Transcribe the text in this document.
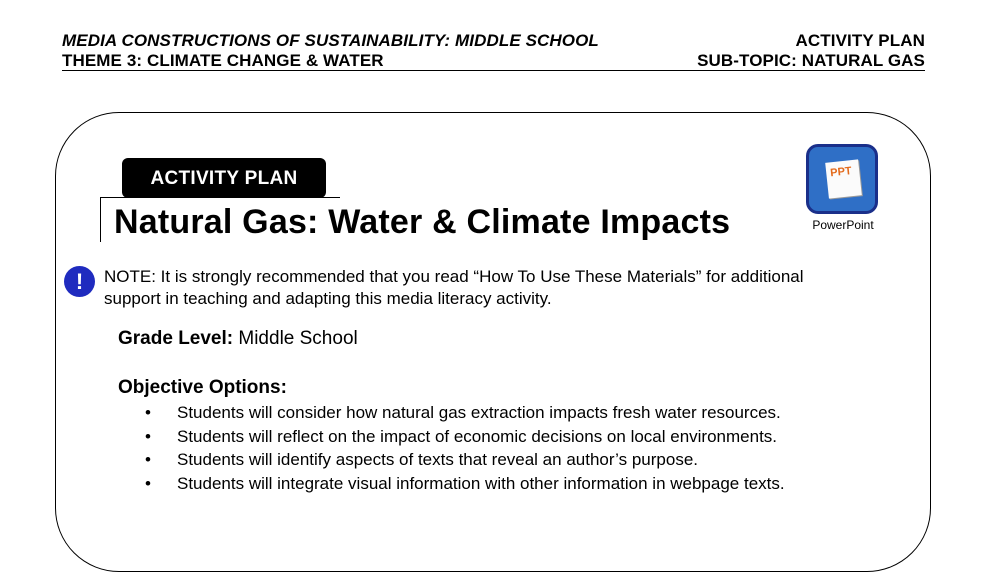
MEDIA CONSTRUCTIONS OF SUSTAINABILITY: MIDDLE SCHOOL
THEME 3: CLIMATE CHANGE & WATER
ACTIVITY PLAN
SUB-TOPIC: NATURAL GAS
ACTIVITY PLAN
Natural Gas: Water & Climate Impacts
PPT
PowerPoint
!	NOTE: It is strongly recommended that you read “How To Use These Materials” for additional support in teaching and adapting this media literacy activity.
Grade Level: Middle School
Objective Options:
• Students will consider how natural gas extraction impacts fresh water resources.
• Students will reflect on the impact of economic decisions on local environments.
• Students will identify aspects of texts that reveal an author’s purpose.
• Students will integrate visual information with other information in webpage texts.
